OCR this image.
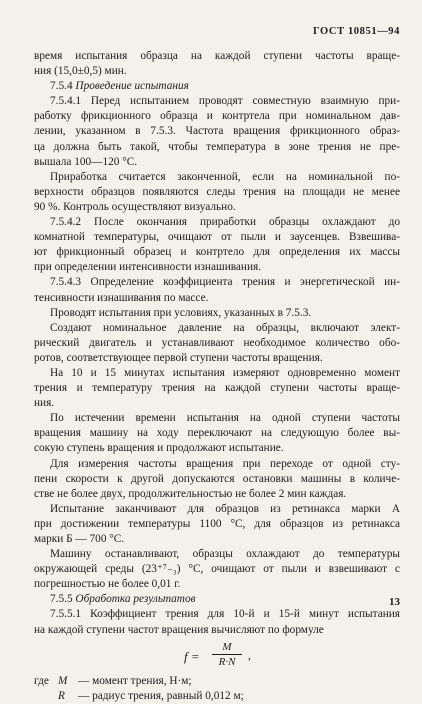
ГОСТ 10851—94
время испытания образца на каждой ступени частоты враще-
ния (15,0±0,5) мин.
7.5.4 Проведение испытания
7.5.4.1 Перед испытанием проводят совместную взаимную при-
работку фрикционного образца и контртела при номинальном дав-
лении, указанном в 7.5.3. Частота вращения фрикционного образ-
ца должна быть такой, чтобы температура в зоне трения не пре-
вышала 100—120 °С.
Приработка считается законченной, если на номинальной по-
верхности образцов появляются следы трения на площади не менее
90 %. Контроль осуществляют визуально.
7.5.4.2 После окончания приработки образцы охлаждают до
комнатной температуры, очищают от пыли и заусенцев. Взвешива-
ют фрикционный образец и контртело для определения их массы
при определении интенсивности изнашивания.
7.5.4.3 Определение коэффициента трения и энергетической ин-
тенсивности изнашивания по массе.
Проводят испытания при условиях, указанных в 7.5.3.
Создают номинальное давление на образцы, включают элект-
рический двигатель и устанавливают необходимое количество обо-
ротов, соответствующее первой ступени частоты вращения.
На 10 и 15 минутах испытания измеряют одновременно момент
трения и температуру трения на каждой ступени частоты враще-
ния.
По истечении времени испытания на одной ступени частоты
вращения машину на ходу переключают на следующую более вы-
сокую ступень вращения и продолжают испытание.
Для измерения частоты вращения при переходе от одной сту-
пени скорости к другой допускаются остановки машины в количе-
стве не более двух, продолжительностью не более 2 мин каждая.
Испытание заканчивают для образцов из ретинакса марки А
при достижении температуры 1100 °С, для образцов из ретинакса
марки Б — 700 °С.
Машину останавливают, образцы охлаждают до температуры
окружающей среды (23⁺⁷₋₃) °С, очищают от пыли и взвешивают с
погрешностью не более 0,01 г.
7.5.5 Обработка результатов
7.5.5.1 Коэффициент трения для 10-й и 15-й минут испытания
на каждой ступени частот вращения вычисляют по формуле
$f = \frac{M}{R\cdot N}$ ,
где M — момент трения, Н·м;
R — радиус трения, равный 0,012 м;
13
